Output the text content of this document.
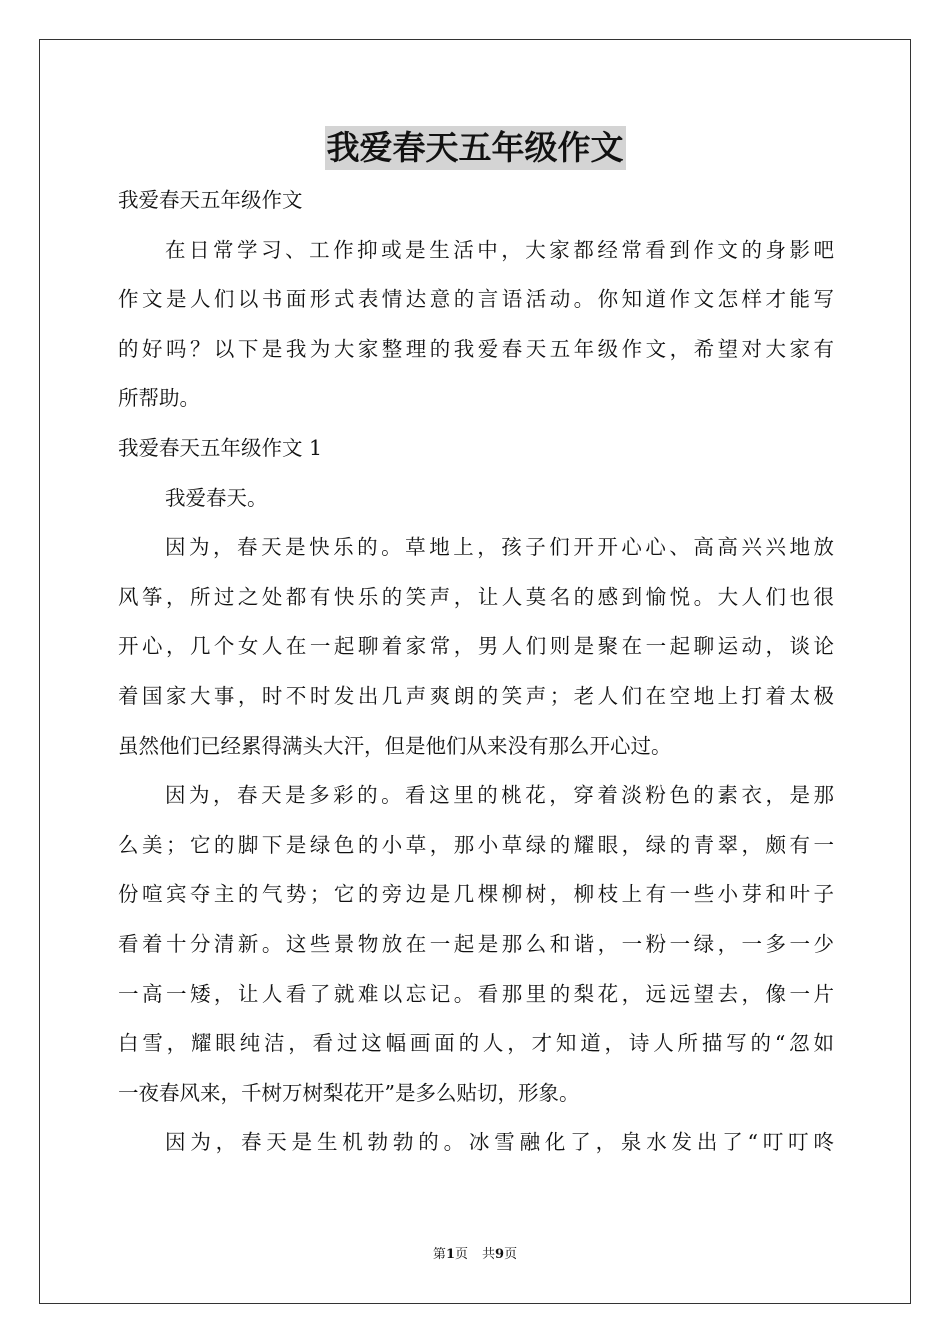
我爱春天五年级作文
我爱春天五年级作文
在日常学习、工作抑或是生活中，大家都经常看到作文的身影吧
作文是人们以书面形式表情达意的言语活动。你知道作文怎样才能写
的好吗？以下是我为大家整理的我爱春天五年级作文，希望对大家有
所帮助。
我爱春天五年级作文 1
我爱春天。
因为，春天是快乐的。草地上，孩子们开开心心、高高兴兴地放
风筝，所过之处都有快乐的笑声，让人莫名的感到愉悦。大人们也很
开心，几个女人在一起聊着家常，男人们则是聚在一起聊运动，谈论
着国家大事，时不时发出几声爽朗的笑声；老人们在空地上打着太极
虽然他们已经累得满头大汗，但是他们从来没有那么开心过。
因为，春天是多彩的。看这里的桃花，穿着淡粉色的素衣，是那
么美；它的脚下是绿色的小草，那小草绿的耀眼，绿的青翠，颇有一
份喧宾夺主的气势；它的旁边是几棵柳树，柳枝上有一些小芽和叶子
看着十分清新。这些景物放在一起是那么和谐，一粉一绿，一多一少
一高一矮，让人看了就难以忘记。看那里的梨花，远远望去，像一片
白雪，耀眼纯洁，看过这幅画面的人，才知道，诗人所描写的“忽如
一夜春风来，千树万树梨花开”是多么贴切，形象。
因为，春天是生机勃勃的。冰雪融化了，泉水发出了“叮叮咚
第1页 共9页
